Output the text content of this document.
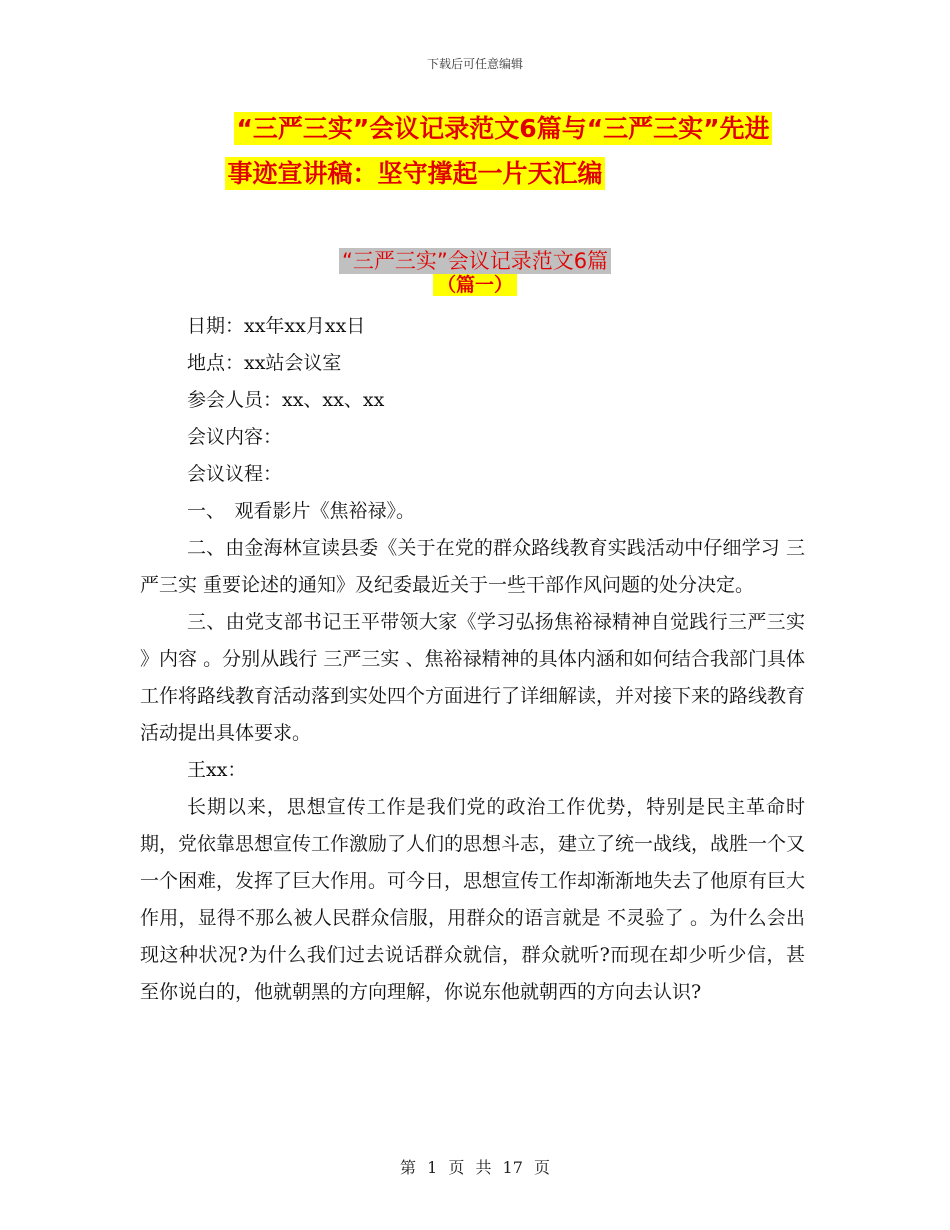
下载后可任意编辑
“三严三实”会议记录范文6篇与“三严三实”先进
事迹宣讲稿：坚守撑起一片天汇编
“三严三实”会议记录范文6篇
（篇一）

日期：xx年xx月xx日

地点：xx站会议室

参会人员：xx、xx、xx

会议内容：

会议议程：

一、　观看影片《焦裕禄》。

二、由金海林宣读县委《关于在党的群众路线教育实践活动中仔细学习 三严三实 重要论述的通知》及纪委最近关于一些干部作风问题的处分决定。

三、由党支部书记王平带领大家《学习弘扬焦裕禄精神自觉践行三严三实 》内容 。分别从践行 三严三实 、焦裕禄精神的具体内涵和如何结合我部门具体工作将路线教育活动落到实处四个方面进行了详细解读，并对接下来的路线教育活动提出具体要求。

王xx：

长期以来，思想宣传工作是我们党的政治工作优势，特别是民主革命时期，党依靠思想宣传工作激励了人们的思想斗志，建立了统一战线，战胜一个又一个困难，发挥了巨大作用。可今日，思想宣传工作却渐渐地失去了他原有巨大作用，显得不那么被人民群众信服，用群众的语言就是 不灵验了 。为什么会出现这种状况?为什么我们过去说话群众就信，群众就听?而现在却少听少信，甚至你说白的，他就朝黑的方向理解，你说东他就朝西的方向去认识?

第 1 页 共 17 页
